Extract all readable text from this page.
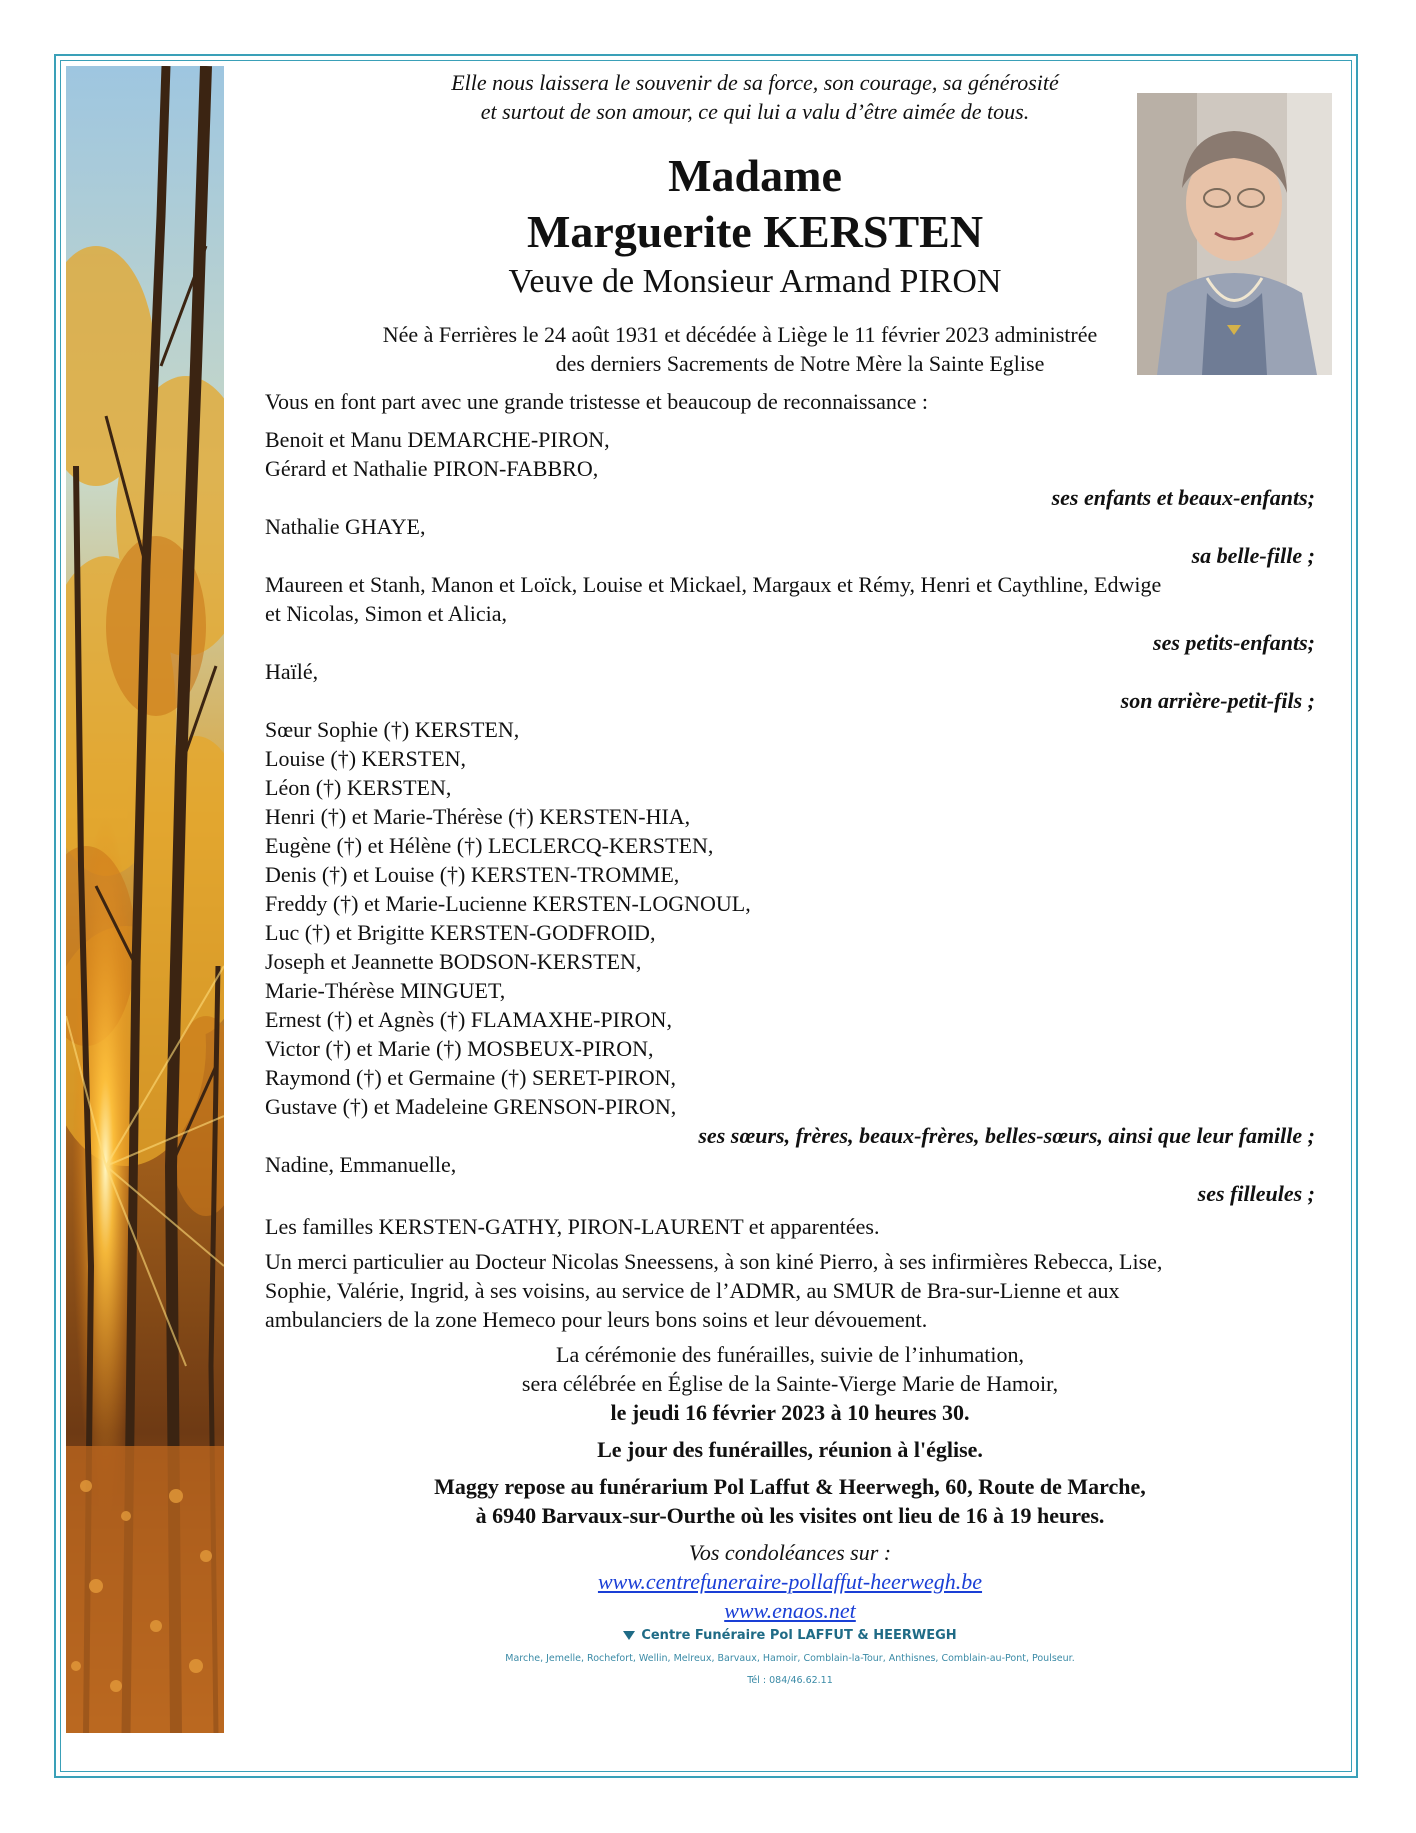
Elle nous laissera le souvenir de sa force, son courage, sa générosité
et surtout de son amour, ce qui lui a valu d’être aimée de tous.
Madame
Marguerite KERSTEN
Veuve de Monsieur Armand PIRON
Née à Ferrières le 24 août 1931 et décédée à Liège le 11 février 2023 administrée
des derniers Sacrements de Notre Mère la Sainte Eglise
Vous en font part avec une grande tristesse et beaucoup de reconnaissance :
Benoit et Manu DEMARCHE-PIRON,
Gérard et Nathalie PIRON-FABBRO,
ses enfants et beaux-enfants;
Nathalie GHAYE,
sa belle-fille ;
Maureen et Stanh, Manon et Loïck, Louise et Mickael, Margaux et Rémy, Henri et Caythline, Edwige
et Nicolas, Simon et Alicia,
ses petits-enfants;
Haïlé,
son arrière-petit-fils ;
Sœur Sophie (†) KERSTEN,
Louise (†) KERSTEN,
Léon (†) KERSTEN,
Henri (†) et Marie-Thérèse (†) KERSTEN-HIA,
Eugène (†) et Hélène (†) LECLERCQ-KERSTEN,
Denis (†) et Louise (†) KERSTEN-TROMME,
Freddy (†) et Marie-Lucienne KERSTEN-LOGNOUL,
Luc (†) et Brigitte KERSTEN-GODFROID,
Joseph et Jeannette BODSON-KERSTEN,
Marie-Thérèse MINGUET,
Ernest (†) et Agnès (†) FLAMAXHE-PIRON,
Victor (†) et Marie (†) MOSBEUX-PIRON,
Raymond (†) et Germaine (†) SERET-PIRON,
Gustave (†) et Madeleine GRENSON-PIRON,
ses sœurs, frères, beaux-frères, belles-sœurs, ainsi que leur famille ;
Nadine, Emmanuelle,
ses filleules ;
Les familles KERSTEN-GATHY, PIRON-LAURENT et apparentées.
Un merci particulier au Docteur Nicolas Sneessens, à son kiné Pierro, à ses infirmières Rebecca, Lise,
Sophie, Valérie, Ingrid, à ses voisins, au service de l’ADMR, au SMUR de Bra-sur-Lienne et aux
ambulanciers de la zone Hemeco pour leurs bons soins et leur dévouement.
La cérémonie des funérailles, suivie de l’inhumation,
sera célébrée en Église de la Sainte-Vierge Marie de Hamoir,
le jeudi 16 février 2023 à 10 heures 30.
Le jour des funérailles, réunion à l'église.
Maggy repose au funérarium Pol Laffut & Heerwegh, 60, Route de Marche,
à 6940 Barvaux-sur-Ourthe où les visites ont lieu de 16 à 19 heures.
Vos condoléances sur :
www.centrefuneraire-pollaffut-heerwegh.be
www.enaos.net
Centre Funéraire Pol LAFFUT & HEERWEGH
Marche, Jemelle, Rochefort, Wellin, Melreux, Barvaux, Hamoir, Comblain-la-Tour, Anthisnes, Comblain-au-Pont, Poulseur.
Tél : 084/46.62.11
